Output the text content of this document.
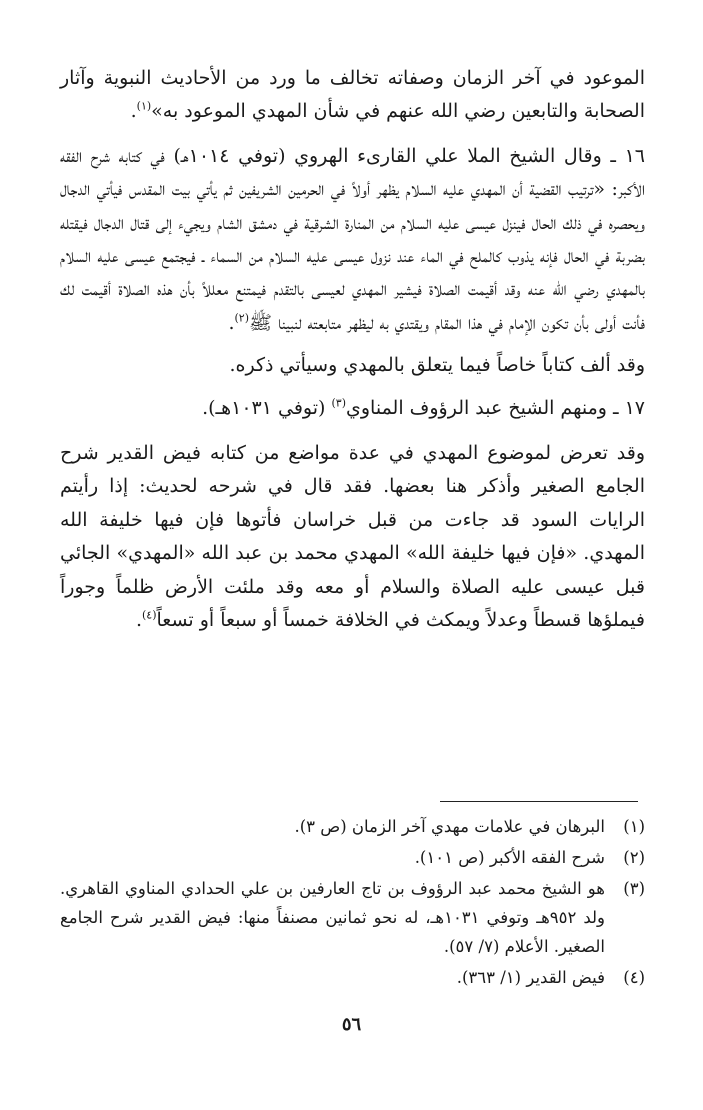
الموعود في آخر الزمان وصفاته تخالف ما ورد من الأحاديث النبوية وآثار الصحابة والتابعين رضي الله عنهم في شأن المهدي الموعود به»$^{(١)}$.

١٦ ـ وقال الشيخ الملا علي القارىء الهروي (توفي ١٠١٤هـ) في كتابه شرح الفقه الأكبر: «ترتيب القضية أن المهدي عليه السلام يظهر أولاً في الحرمين الشريفين ثم يأتي بيت المقدس فيأتي الدجال ويحصره في ذلك الحال فينزل عيسى عليه السلام من المنارة الشرقية في دمشق الشام ويجيء إلى قتال الدجال فيقتله بضربة في الحال فإنه يذوب كالملح في الماء عند نزول عيسى عليه السلام من السماء ـ فيجتمع عيسى عليه السلام بالمهدي رضي الله عنه وقد أقيمت الصلاة فيشير المهدي لعيسى بالتقدم فيمتنع معللاً بأن هذه الصلاة أقيمت لك فأنت أولى بأن تكون الإمام في هذا المقام ويقتدي به ليظهر متابعته لنبينا ﷺ$^{(٢)}$.

وقد ألف كتاباً خاصاً فيما يتعلق بالمهدي وسيأتي ذكره.

١٧ ـ ومنهم الشيخ عبد الرؤوف المناوي$^{(٣)}$ (توفي ١٠٣١هـ).

وقد تعرض لموضوع المهدي في عدة مواضع من كتابه فيض القدير شرح الجامع الصغير وأذكر هنا بعضها. فقد قال في شرحه لحديث: إذا رأيتم الرايات السود قد جاءت من قبل خراسان فأتوها فإن فيها خليفة الله المهدي. «فإن فيها خليفة الله» المهدي محمد بن عبد الله «المهدي» الجائي قبل عيسى عليه الصلاة والسلام أو معه وقد ملئت الأرض ظلماً وجوراً فيملؤها قسطاً وعدلاً ويمكث في الخلافة خمساً أو سبعاً أو تسعاً$^{(٤)}$.

(١)
البرهان في علامات مهدي آخر الزمان (ص ٣).
(٢)
شرح الفقه الأكبر (ص ١٠١).
(٣)
هو الشيخ محمد عبد الرؤوف بن تاج العارفين بن علي الحدادي المناوي القاهري. ولد ٩٥٢هـ وتوفي ١٠٣١هـ، له نحو ثمانين مصنفاً منها: فيض القدير شرح الجامع الصغير. الأعلام (٧/ ٥٧).
(٤)
فيض القدير (١/ ٣٦٣).
٥٦
